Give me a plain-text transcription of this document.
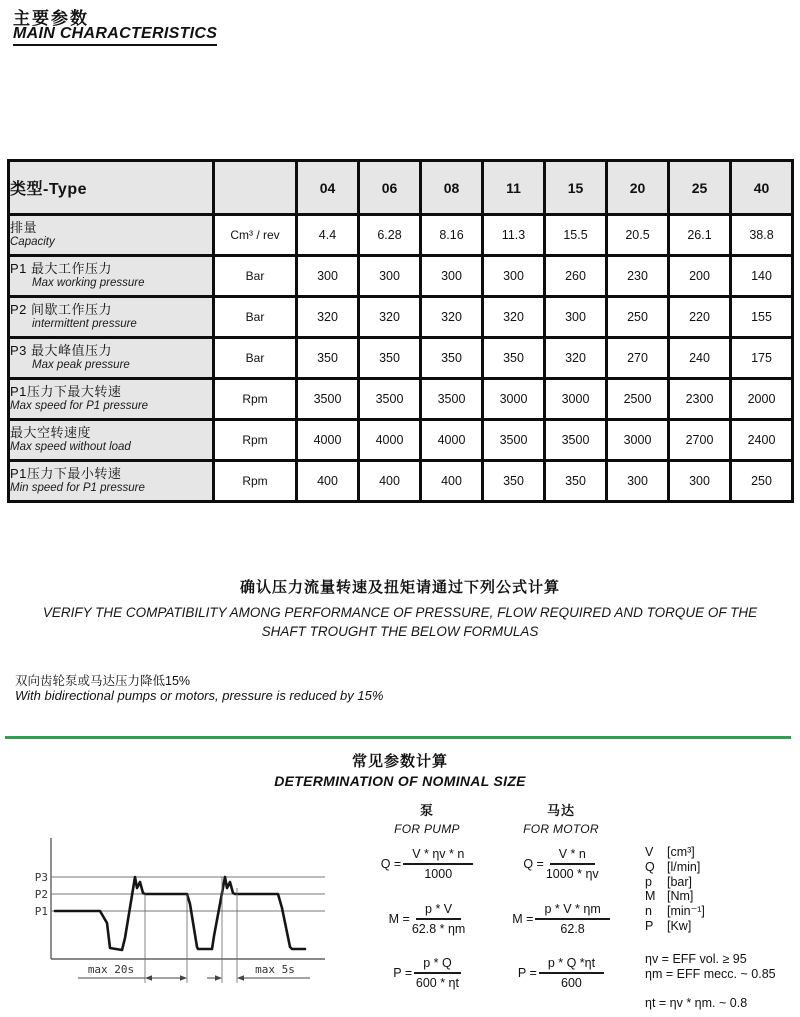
主要参数
MAIN CHARACTERISTICS
类型-Type		04	06	08	11	15	20	25	40

排量
Capacity	Cm³ / rev	4.4	6.28	8.16	11.3	15.5	20.5	26.1	38.8

P1 最大工作压力
Max working pressure	Bar	300	300	300	300	260	230	200	140

P2 间歇工作压力
intermittent pressure	Bar	320	320	320	320	300	250	220	155

P3 最大峰值压力
Max peak pressure	Bar	350	350	350	350	320	270	240	175

P1压力下最大转速
Max speed for P1 pressure	Rpm	3500	3500	3500	3000	3000	2500	2300	2000

最大空转速度
Max speed without load	Rpm	4000	4000	4000	3500	3500	3000	2700	2400

P1压力下最小转速
Min speed for P1 pressure	Rpm	400	400	400	350	350	300	300	250
确认压力流量转速及扭矩请通过下列公式计算
VERIFY THE COMPATIBILITY AMONG PERFORMANCE OF PRESSURE, FLOW REQUIRED AND TORQUE OF THE
SHAFT TROUGHT THE BELOW FORMULAS
双向齿轮泵或马达压力降低15%
With bidirectional pumps or motors, pressure is reduced by 15%
常见参数计算
DETERMINATION OF NOMINAL SIZE
P3
P2
P1
max 20s	max 5s
泵
FOR PUMP
$Q = \frac{V * \eta v * n}{1000}$
$M = \frac{p * V}{62.8 * \eta m}$
$P = \frac{p * Q}{600 * \eta t}$
马达
FOR MOTOR
$Q = \frac{V * n}{1000 * \eta v}$
$M = \frac{p * V * \eta m}{62.8}$
$P = \frac{p * Q *\eta t}{600}$
V	[cm³]
Q [l/min]
p	[bar]
M [Nm]
n	[min⁻¹]
P	[Kw]
ηv = EFF vol. ≥ 95
ηm = EFF mecc. ~ 0.85
ηt = ηv * ηm. ~ 0.8
